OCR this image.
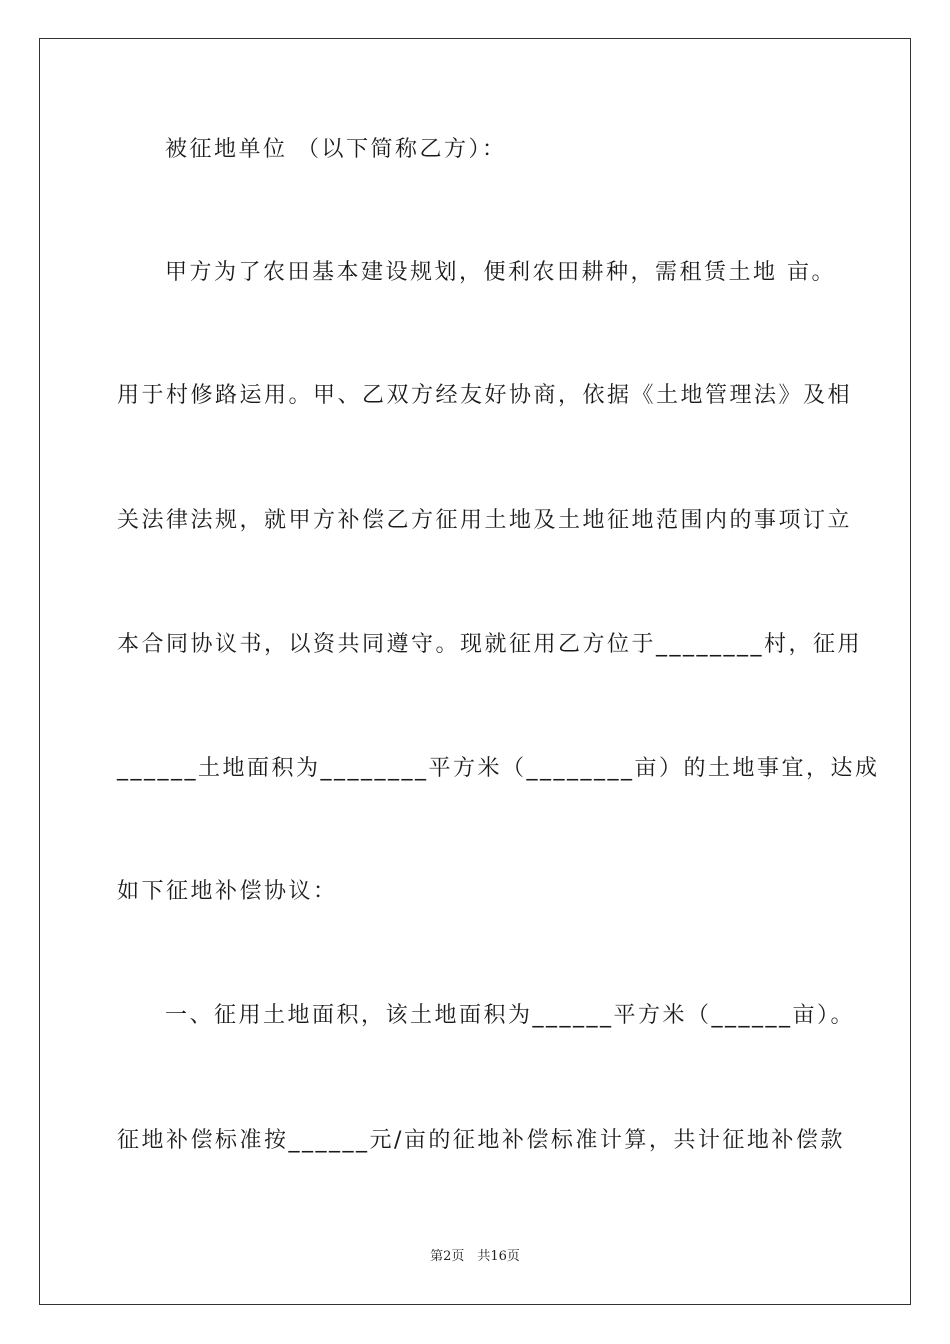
被征地单位 （以下简称乙方）：
甲方为了农田基本建设规划，便利农田耕种，需租赁土地 亩。
用于村修路运用。甲、乙双方经友好协商，依据《土地管理法》及相
关法律法规，就甲方补偿乙方征用土地及土地征地范围内的事项订立
本合同协议书，以资共同遵守。现就征用乙方位于________村，征用
______土地面积为________平方米（________亩）的土地事宜，达成
如下征地补偿协议：
一、征用土地面积，该土地面积为______平方米（______亩）。
征地补偿标准按______元/亩的征地补偿标准计算，共计征地补偿款
第2页　共16页
